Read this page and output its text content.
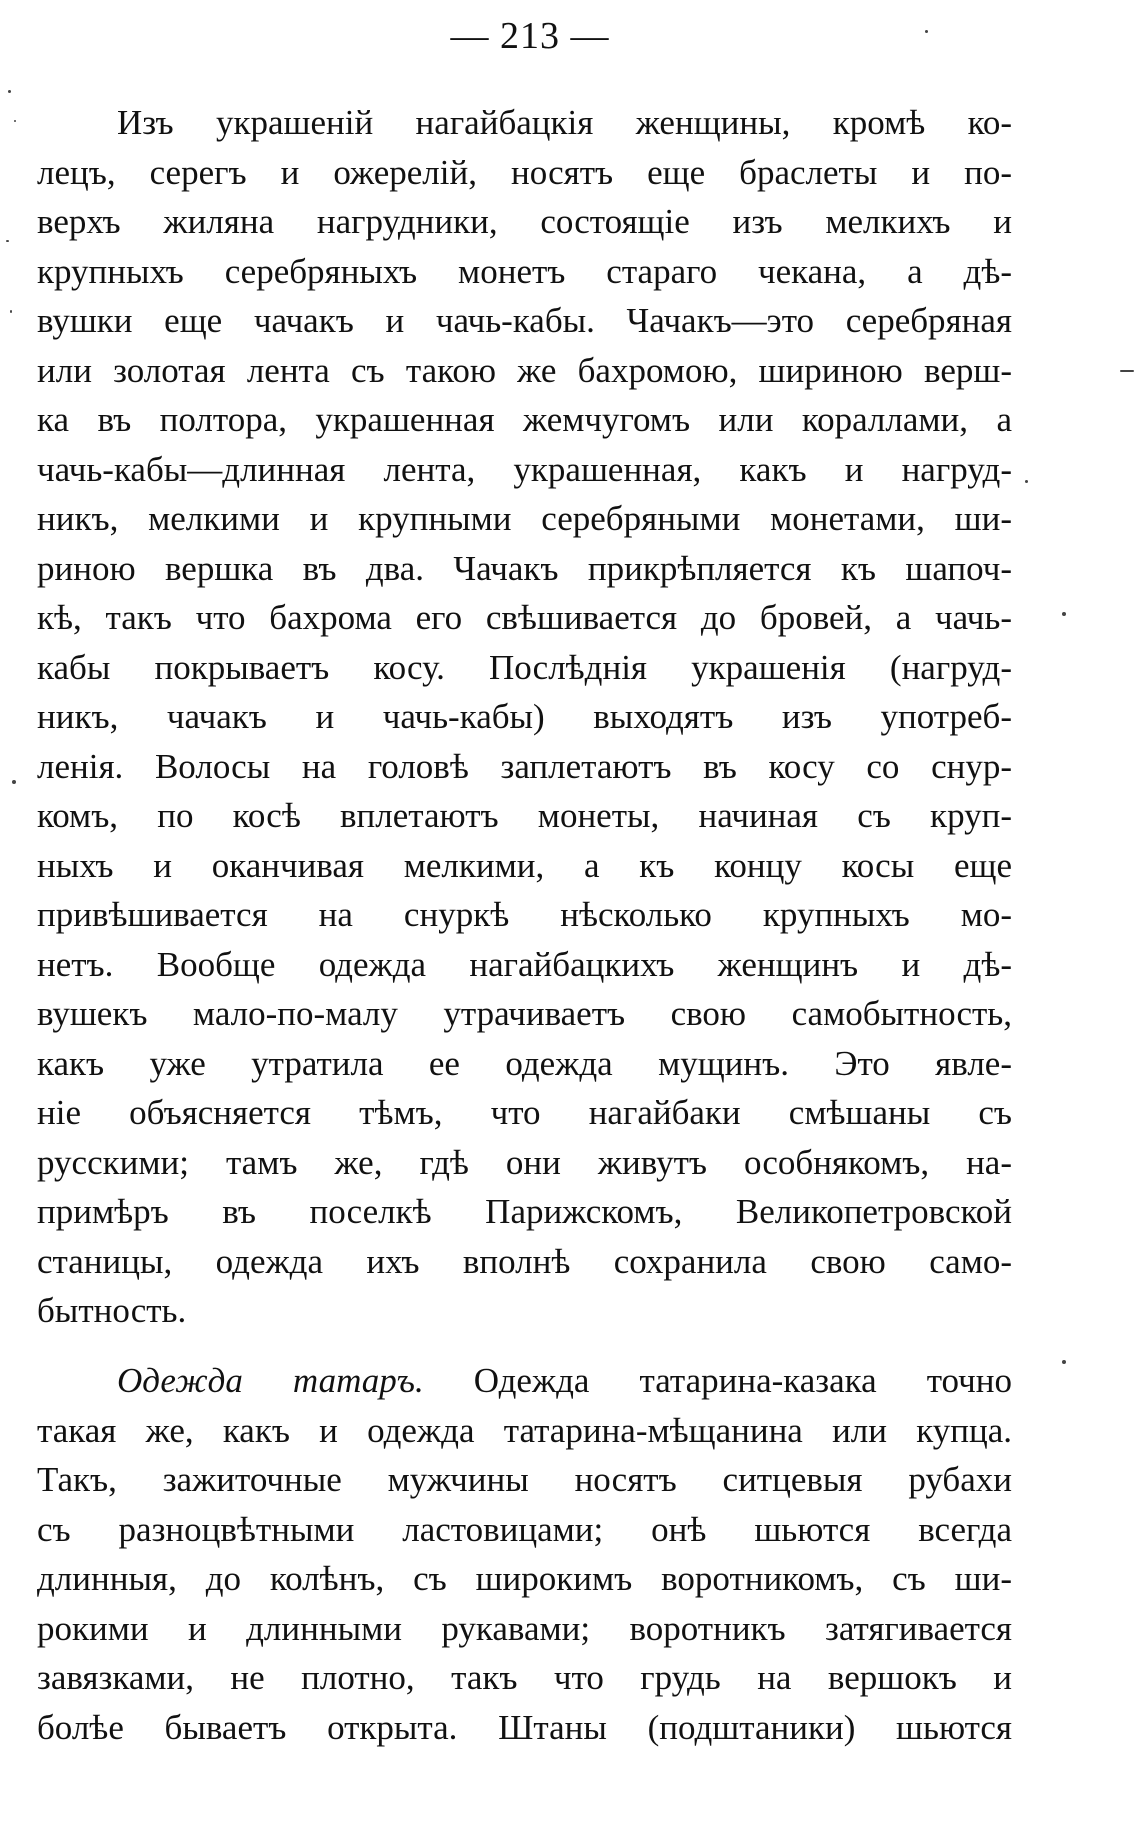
— 213 —
Изъ украшеній нагайбацкія женщины, кромѣ ко-
лецъ, серегъ и ожерелій, носятъ еще браслеты и по-
верхъ жиляна нагрудники, состоящіе изъ мелкихъ и
крупныхъ серебряныхъ монетъ стараго чекана, а дѣ-
вушки еще чачакъ и чачь-кабы. Чачакъ—это серебряная
или золотая лента съ такою же бахромою, шириною верш-
ка въ полтора, украшенная жемчугомъ или кораллами, а
чачь-кабы—длинная лента, украшенная, какъ и нагруд-
никъ, мелкими и крупными серебряными монетами, ши-
риною вершка въ два. Чачакъ прикрѣпляется къ шапоч-
кѣ, такъ что бахрома его свѣшивается до бровей, а чачь-
кабы покрываетъ косу. Послѣднія украшенія (нагруд-
никъ, чачакъ и чачь-кабы) выходятъ изъ употреб-
ленія. Волосы на головѣ заплетаютъ въ косу со снур-
комъ, по косѣ вплетаютъ монеты, начиная съ круп-
ныхъ и оканчивая мелкими, а къ концу косы еще
привѣшивается на снуркѣ нѣсколько крупныхъ мо-
нетъ. Вообще одежда нагайбацкихъ женщинъ и дѣ-
вушекъ мало-по-малу утрачиваетъ свою самобытность,
какъ уже утратила ее одежда мущинъ. Это явле-
ніе объясняется тѣмъ, что нагайбаки смѣшаны съ
русскими; тамъ же, гдѣ они живутъ особнякомъ, на-
примѣръ въ поселкѣ Парижскомъ, Великопетровской
станицы, одежда ихъ вполнѣ сохранила свою само-
бытность.
Одежда татаръ. Одежда татарина-казака точно
такая же, какъ и одежда татарина-мѣщанина или купца.
Такъ, зажиточные мужчины носятъ ситцевыя рубахи
съ разноцвѣтными ластовицами; онѣ шьются всегда
длинныя, до колѣнъ, съ широкимъ воротникомъ, съ ши-
рокими и длинными рукавами; воротникъ затягивается
завязками, не плотно, такъ что грудь на вершокъ и
болѣе бываетъ открыта. Штаны (подштаники) шьются
